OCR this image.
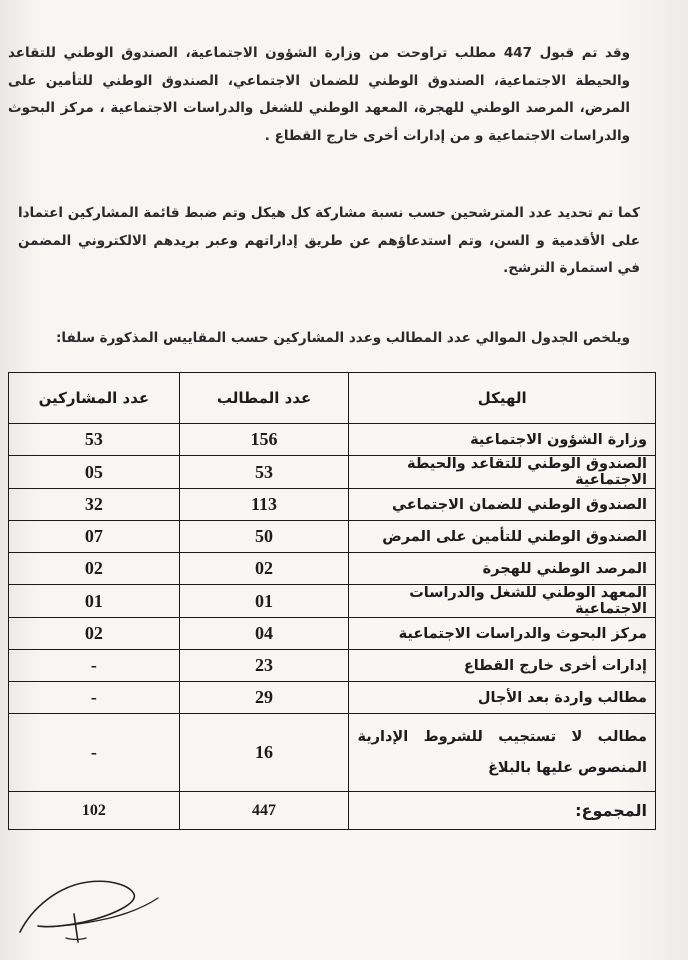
وقد تم قبول 447 مطلب تراوحت من وزارة الشؤون الاجتماعية، الصندوق الوطني للتقاعد والحيطة الاجتماعية، الصندوق الوطني للضمان الاجتماعي، الصندوق الوطني للتأمين على المرض، المرصد الوطني للهجرة، المعهد الوطني للشغل والدراسات الاجتماعية ، مركز البحوث والدراسات الاجتماعية و من إدارات أخرى خارج القطاع .
كما تم تحديد عدد المترشحين حسب نسبة مشاركة كل هيكل وتم ضبط قائمة المشاركين اعتمادا على الأقدمية و السن، وتم استدعاؤهم عن طريق إداراتهم وعبر بريدهم الالكتروني المضمن في استمارة الترشح.
ويلخص الجدول الموالي عدد المطالب وعدد المشاركين حسب المقاييس المذكورة سلفا:
الهيكل	عدد المطالب	عدد المشاركين
وزارة الشؤون الاجتماعية	156	53
الصندوق الوطني للتقاعد والحيطة الاجتماعية	53	05
الصندوق الوطني للضمان الاجتماعي	113	32
الصندوق الوطني للتأمين على المرض	50	07
المرصد الوطني للهجرة	02	02
المعهد الوطني للشغل والدراسات الاجتماعية	01	01
مركز البحوث والدراسات الاجتماعية	04	02
إدارات أخرى خارج القطاع	23	-
مطالب واردة بعد الأجال	29	-
مطالب لا تستجيب للشروط الإدارية المنصوص عليها بالبلاغ	16	-
المجموع:	447	102
